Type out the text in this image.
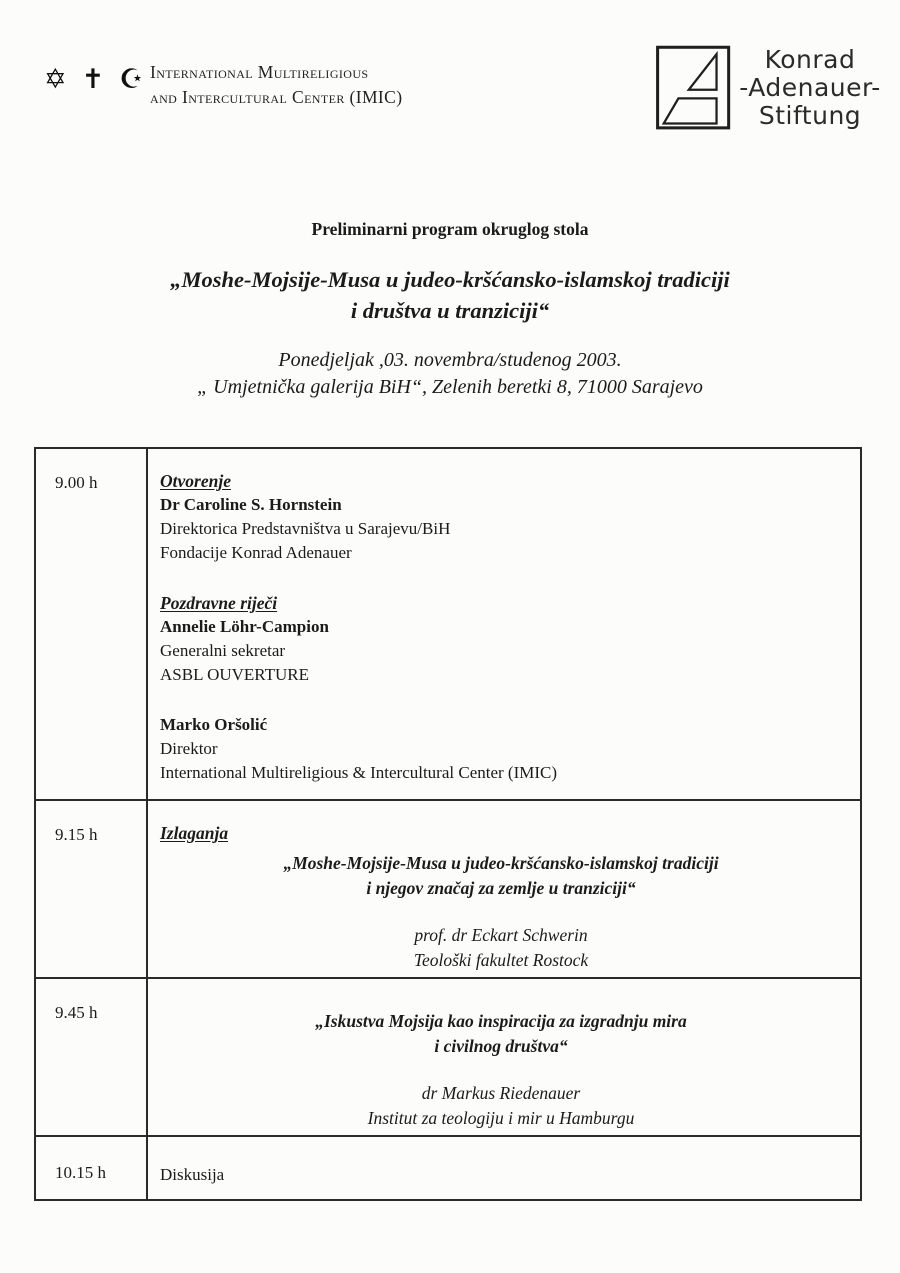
✡ ✝ ☪ International Multireligious
and Intercultural Center (IMIC)
Konrad
-Adenauer-
Stiftung
Preliminarni program okruglog stola
„Moshe-Mojsije-Musa u judeo-kršćansko-islamskoj tradiciji
i društva u tranziciji“
Ponedjeljak ,03. novembra/studenog 2003.
„ Umjetnička galerija BiH“, Zelenih beretki 8, 71000 Sarajevo
9.00 h	Otvorenje
Dr Caroline S. Hornstein
Direktorica Predstavništva u Sarajevu/BiH
Fondacije Konrad Adenauer
Pozdravne riječi
Annelie Löhr-Campion
Generalni sekretar
ASBL OUVERTURE
Marko Oršolić
Direktor
International Multireligious & Intercultural Center (IMIC)
9.15 h	Izlaganja
„Moshe-Mojsije-Musa u judeo-kršćansko-islamskoj tradiciji
i njegov značaj za zemlje u tranziciji“
prof. dr Eckart Schwerin
Teološki fakultet Rostock
9.45 h	„Iskustva Mojsija kao inspiracija za izgradnju mira
i civilnog društva“
dr Markus Riedenauer
Institut za teologiju i mir u Hamburgu
10.15 h	Diskusija
